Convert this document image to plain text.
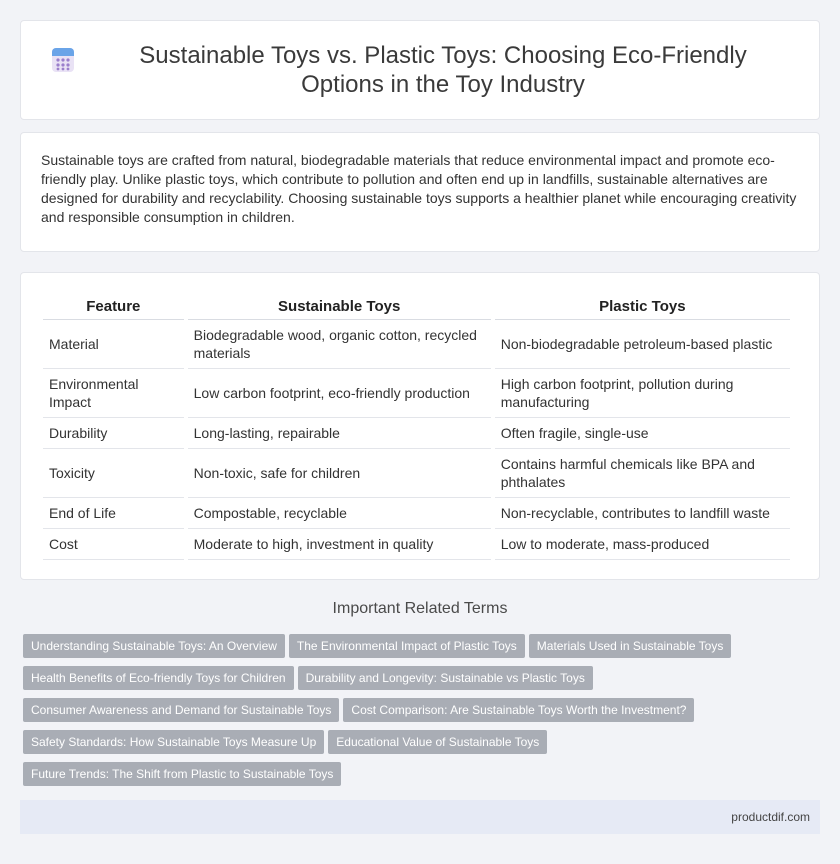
Sustainable Toys vs. Plastic Toys: Choosing Eco-Friendly Options in the Toy Industry

Sustainable toys are crafted from natural, biodegradable materials that reduce environmental impact and promote eco-friendly play. Unlike plastic toys, which contribute to pollution and often end up in landfills, sustainable alternatives are designed for durability and recyclability. Choosing sustainable toys supports a healthier planet while encouraging creativity and responsible consumption in children.

Feature	Sustainable Toys	Plastic Toys
Material	Biodegradable wood, organic cotton, recycled materials	Non-biodegradable petroleum-based plastic
Environmental Impact	Low carbon footprint, eco-friendly production	High carbon footprint, pollution during manufacturing
Durability	Long-lasting, repairable	Often fragile, single-use
Toxicity	Non-toxic, safe for children	Contains harmful chemicals like BPA and phthalates
End of Life	Compostable, recyclable	Non-recyclable, contributes to landfill waste
Cost	Moderate to high, investment in quality	Low to moderate, mass-produced
Important Related Terms
Understanding Sustainable Toys: An Overview The Environmental Impact of Plastic Toys Materials Used in Sustainable Toys
Health Benefits of Eco-friendly Toys for Children Durability and Longevity: Sustainable vs Plastic Toys
Consumer Awareness and Demand for Sustainable Toys Cost Comparison: Are Sustainable Toys Worth the Investment?
Safety Standards: How Sustainable Toys Measure Up Educational Value of Sustainable Toys
Future Trends: The Shift from Plastic to Sustainable Toys
productdif.com
